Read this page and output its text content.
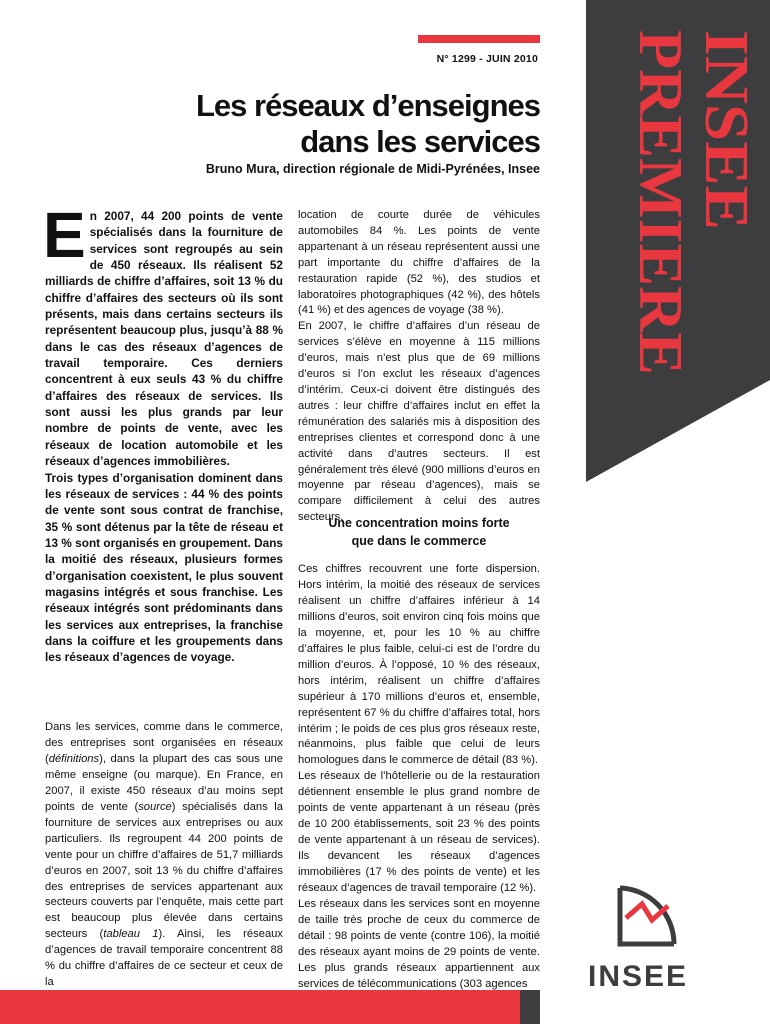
N° 1299 - JUIN 2010
Les réseaux d’enseignes
dans les services
Bruno Mura, direction régionale de Midi-Pyrénées, Insee INSEE
PREMIERE

En 2007, 44 200 points de vente spécialisés dans la fourniture de services sont regroupés au sein de 450 réseaux. Ils réalisent 52 milliards de chiffre d’affaires, soit 13 % du chiffre d’affaires des secteurs où ils sont présents, mais dans certains secteurs ils représentent beaucoup plus, jusqu’à 88 % dans le cas des réseaux d’agences de travail temporaire. Ces derniers concentrent à eux seuls 43 % du chiffre d’affaires des réseaux de services. Ils sont aussi les plus grands par leur nombre de points de vente, avec les réseaux de location automobile et les réseaux d’agences immobilières.

Trois types d’organisation dominent dans les réseaux de services : 44 % des points de vente sont sous contrat de franchise, 35 % sont détenus par la tête de réseau et 13 % sont organisés en groupement. Dans la moitié des réseaux, plusieurs formes d’organisation coexistent, le plus souvent magasins intégrés et sous franchise. Les réseaux intégrés sont prédominants dans les services aux entreprises, la franchise dans la coiffure et les groupements dans les réseaux d’agences de voyage.

Dans les services, comme dans le commerce, des entreprises sont organisées en réseaux (définitions), dans la plupart des cas sous une même enseigne (ou marque). En France, en 2007, il existe 450 réseaux d’au moins sept points de vente (source) spécialisés dans la fourniture de services aux entreprises ou aux particuliers. Ils regroupent 44 200 points de vente pour un chiffre d’affaires de 51,7 milliards d’euros en 2007, soit 13 % du chiffre d’affaires des entreprises de services appartenant aux secteurs couverts par l’enquête, mais cette part est beaucoup plus élevée dans certains secteurs (tableau 1). Ainsi, les réseaux d’agences de travail temporaire concentrent 88 % du chiffre d’affaires de ce secteur et ceux de la

location de courte durée de véhicules automobiles 84 %. Les points de vente appartenant à un réseau représentent aussi une part importante du chiffre d’affaires de la restauration rapide (52 %), des studios et laboratoires photographiques (42 %), des hôtels (41 %) et des agences de voyage (38 %).

En 2007, le chiffre d’affaires d’un réseau de services s’élève en moyenne à 115 millions d’euros, mais n’est plus que de 69 millions d’euros si l’on exclut les réseaux d’agences d’intérim. Ceux-ci doivent être distingués des autres : leur chiffre d’affaires inclut en effet la rémunération des salariés mis à disposition des entreprises clientes et correspond donc à une activité dans d’autres secteurs. Il est généralement très élevé (900 millions d’euros en moyenne par réseau d’agences), mais se compare difficilement à celui des autres secteurs.

Une concentration moins forte
que dans le commerce

Ces chiffres recouvrent une forte dispersion. Hors intérim, la moitié des réseaux de services réalisent un chiffre d’affaires inférieur à 14 millions d’euros, soit environ cinq fois moins que la moyenne, et, pour les 10 % au chiffre d’affaires le plus faible, celui-ci est de l’ordre du million d’euros. À l’opposé, 10 % des réseaux, hors intérim, réalisent un chiffre d’affaires supérieur à 170 millions d’euros et, ensemble, représentent 67 % du chiffre d’affaires total, hors intérim ; le poids de ces plus gros réseaux reste, néanmoins, plus faible que celui de leurs homologues dans le commerce de détail (83 %).

Les réseaux de l’hôtellerie ou de la restauration détiennent ensemble le plus grand nombre de points de vente appartenant à un réseau (près de 10 200 établissements, soit 23 % des points de vente appartenant à un réseau de services). Ils devancent les réseaux d’agences immobilières (17 % des points de vente) et les réseaux d’agences de travail temporaire (12 %).

Les réseaux dans les services sont en moyenne de taille très proche de ceux du commerce de détail : 98 points de vente (contre 106), la moitié des réseaux ayant moins de 29 points de vente. Les plus grands réseaux appartiennent aux services de télécommunications (303 agences	INSEE
